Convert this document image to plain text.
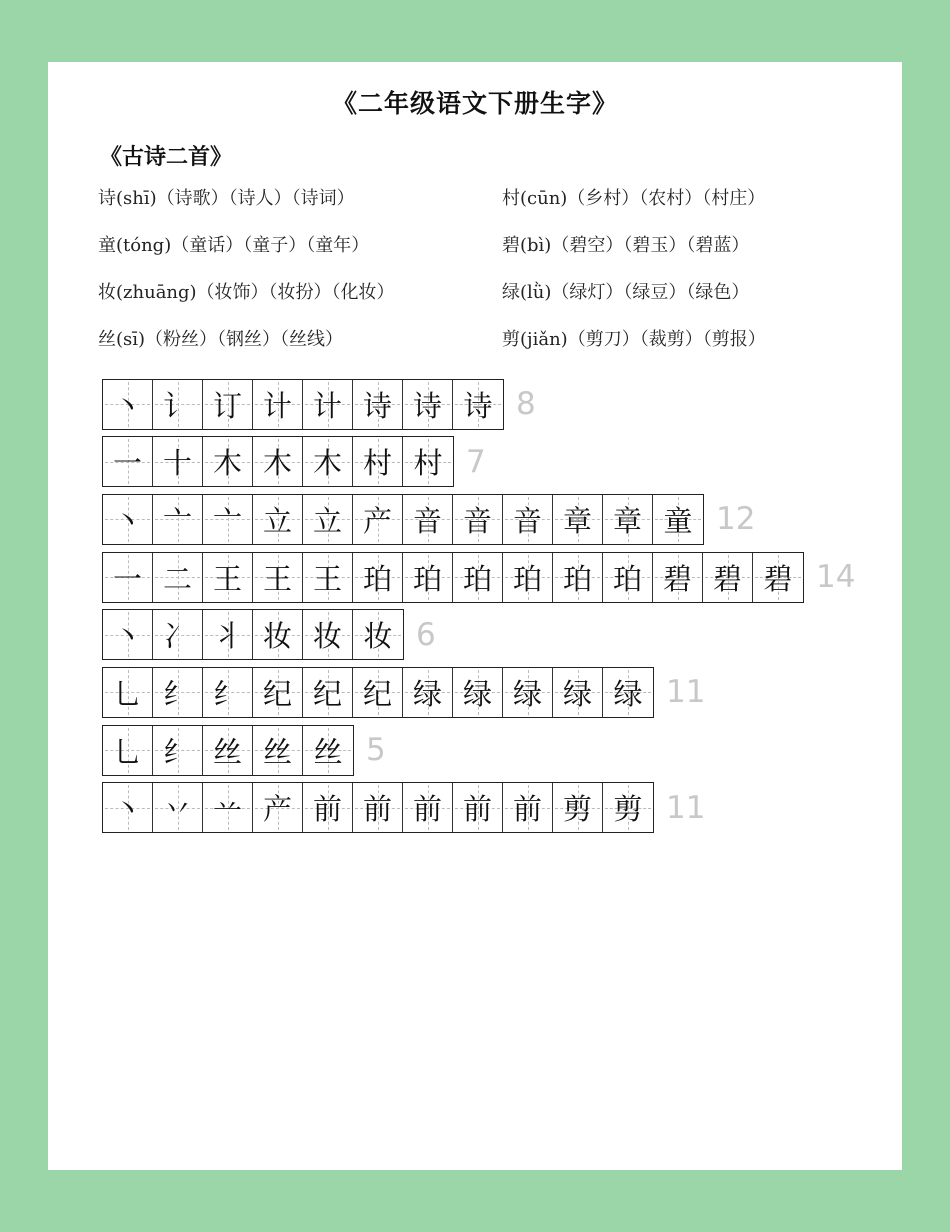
《二年级语文下册生字》
《古诗二首》
诗(shī)（诗歌）（诗人）（诗词）	村(cūn)（乡村）（农村）（村庄）
童(tóng)（童话）（童子）（童年）	碧(bì)（碧空）（碧玉）（碧蓝）
妆(zhuāng)（妆饰）（妆扮）（化妆）	绿(lǜ)（绿灯）（绿豆）（绿色）
丝(sī)（粉丝）（钢丝）（丝线）	剪(jiǎn)（剪刀）（裁剪）（剪报）
丶 讠 订 计 计 诗 诗 诗 8
一 十 木 木 木 村 村 7
丶 亠 亠 立 立 产 音 音 音 章 章 童 12
一 二 王 王 王 珀 珀 珀 珀 珀 珀 碧 碧 碧 14
丶 冫 丬 妆 妆 妆 6
乚 纟 纟 纪 纪 纪 绿 绿 绿 绿 绿 11
乚 纟 丝 丝 丝 5
丶 丷 䒑 产 前 前 前 前 前 剪 剪 11
